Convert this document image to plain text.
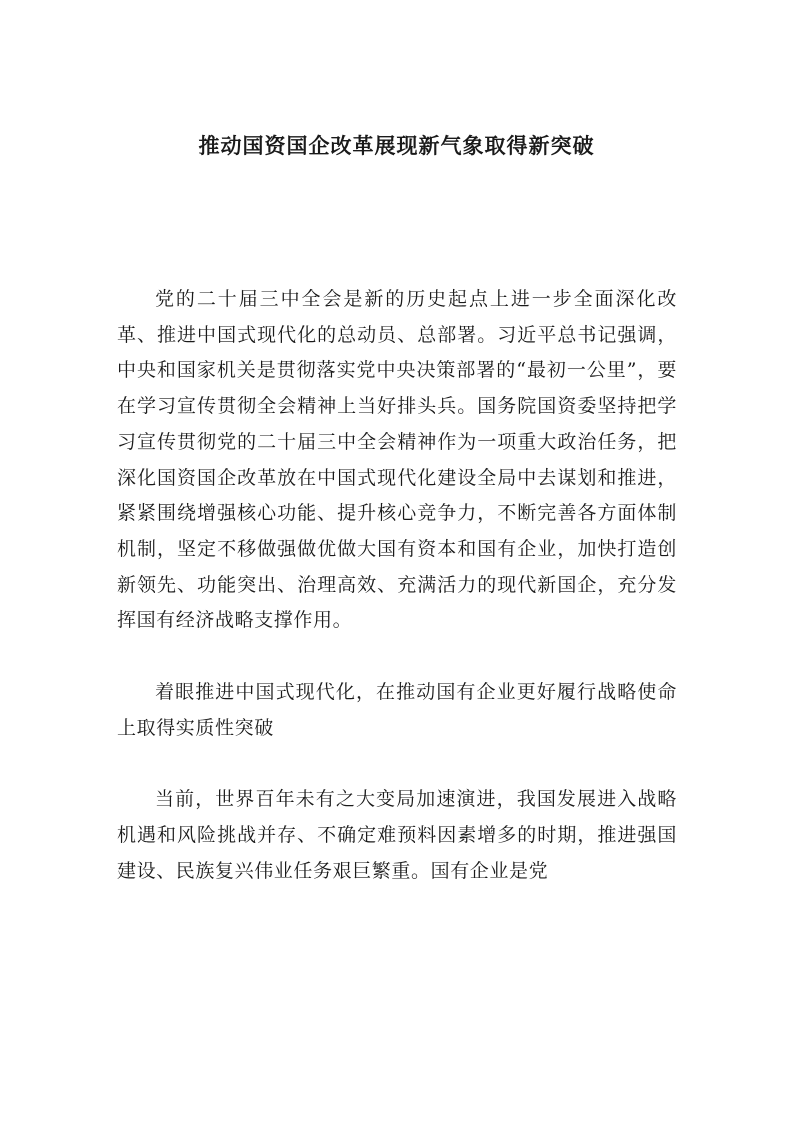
推动国资国企改革展现新气象取得新突破

党的二十届三中全会是新的历史起点上进一步全面深化改革、推进中国式现代化的总动员、总部署。习近平总书记强调，中央和国家机关是贯彻落实党中央决策部署的“最初一公里”，要在学习宣传贯彻全会精神上当好排头兵。国务院国资委坚持把学习宣传贯彻党的二十届三中全会精神作为一项重大政治任务，把深化国资国企改革放在中国式现代化建设全局中去谋划和推进，紧紧围绕增强核心功能、提升核心竞争力，不断完善各方面体制机制，坚定不移做强做优做大国有资本和国有企业，加快打造创新领先、功能突出、治理高效、充满活力的现代新国企，充分发挥国有经济战略支撑作用。

着眼推进中国式现代化，在推动国有企业更好履行战略使命上取得实质性突破

当前，世界百年未有之大变局加速演进，我国发展进入战略机遇和风险挑战并存、不确定难预料因素增多的时期，推进强国建设、民族复兴伟业任务艰巨繁重。国有企业是党
